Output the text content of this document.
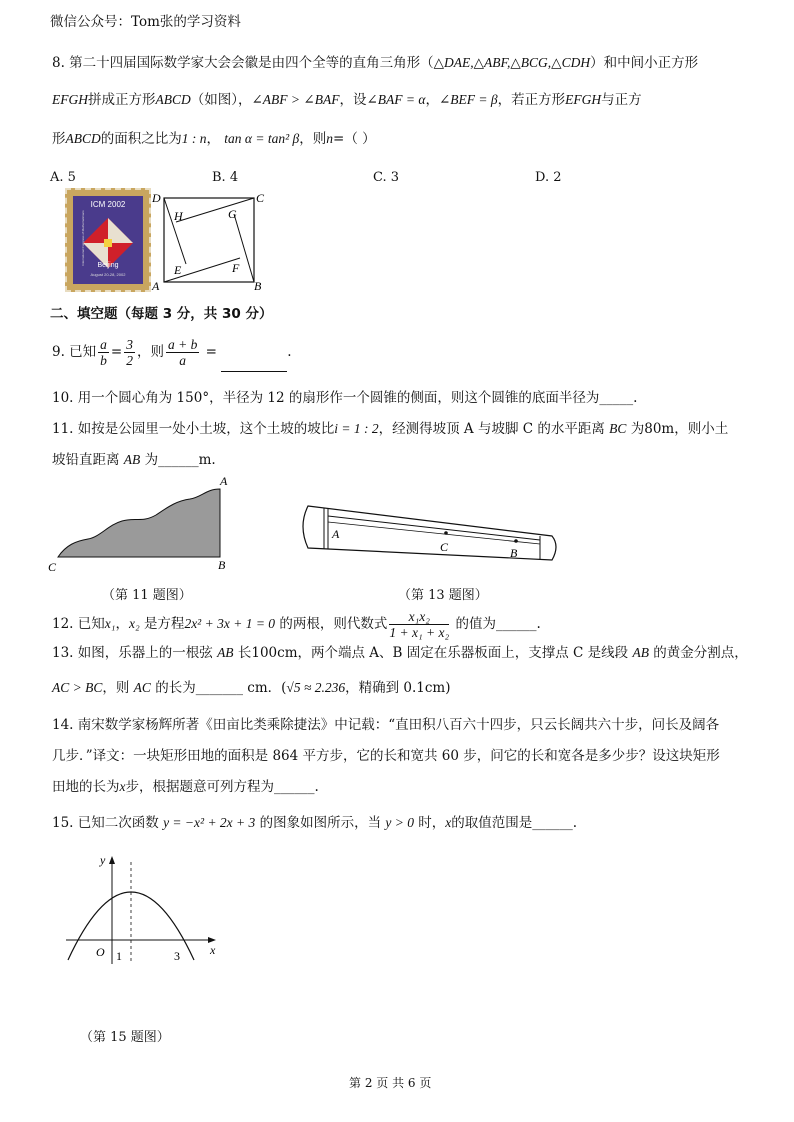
微信公众号：Tom张的学习资料
8. 第二十四届国际数学家大会会徽是由四个全等的直角三角形（△DAE,△ABF,△BCG,△CDH）和中间小正方形
EFGH拼成正方形ABCD（如图），∠ABF > ∠BAF，设∠BAF = α，∠BEF = β，若正方形EFGH与正方
形ABCD的面积之比为1 : n， tan α = tan² β，则n=（ ）
A. 5	B. 4	C. 3	D. 2
ICM 2002
Beijing
August 20-28, 2002
International Congress of Mathematicians
D	C
A	B
H	G
E	F
二、填空题（每题 3 分，共 30 分）
9. 已知 $\frac{a}{b} = \frac{3}{2}$ ，则 $\frac{a + b}{a}$ =	.
10. 用一个圆心角为 150°，半径为 12 的扇形作一个圆锥的侧面，则这个圆锥的底面半径为_____.
11. 如按是公园里一处小土坡，这个土坡的坡比i = 1 : 2，经测得坡顶 A 与坡脚 C 的水平距离 BC 为80m，则小土
坡铅直距离 AB 为______m.
A
B
C
（第 11 题图）
A
C	B
（第 13 题图）
12. 已知x₁，x₂ 是方程2x² + 3x + 1 = 0 的两根，则代数式 $\frac{\text{x₁x₂}}{\text{1 + x₁ + x₂}}$ 的值为______.
13. 如图，乐器上的一根弦 AB 长100cm，两个端点 A、B 固定在乐器板面上，支撑点 C 是线段 AB 的黄金分割点，
AC > BC，则 AC 的长为_______ cm．(√5 ≈ 2.236，精确到 0.1cm)
14. 南宋数学家杨辉所著《田亩比类乘除捷法》中记载：“直田积八百六十四步，只云长阔共六十步，问长及阔各
几步．”译文：一块矩形田地的面积是 864 平方步，它的长和宽共 60 步，问它的长和宽各是多少步？设这块矩形
田地的长为x步，根据题意可列方程为______.
15. 已知二次函数 y = −x² + 2x + 3 的图象如图所示，当 y > 0 时，x的取值范围是______.
y
x
O 1	3
（第 15 题图）
第 2 页 共 6 页
